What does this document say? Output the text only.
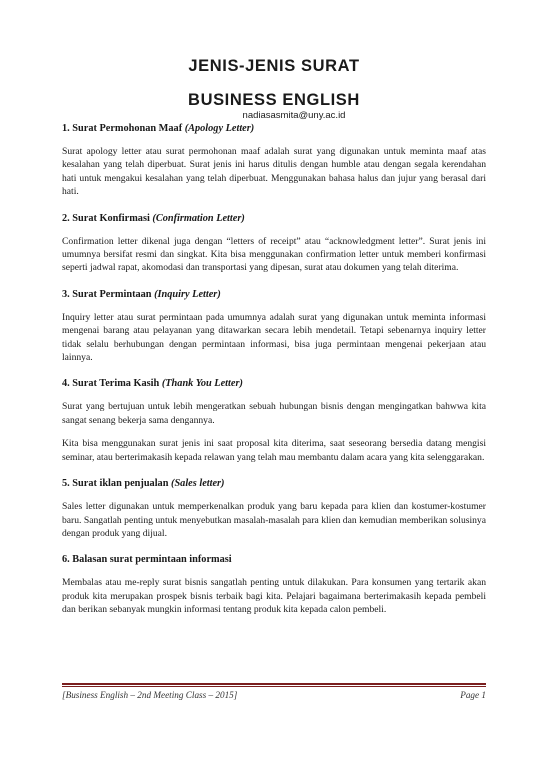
JENIS-JENIS SURAT

BUSINESS ENGLISH

nadiasasmita@uny.ac.id

1. Surat Permohonan Maaf (Apology Letter)

Surat apology letter atau surat permohonan maaf adalah surat yang digunakan untuk meminta maaf atas kesalahan yang telah diperbuat. Surat jenis ini harus ditulis dengan humble atau dengan segala kerendahan hati untuk mengakui kesalahan yang telah diperbuat. Menggunakan bahasa halus dan jujur yang berasal dari hati.

2. Surat Konfirmasi (Confirmation Letter)

Confirmation letter dikenal juga dengan “letters of receipt” atau “acknowledgment letter”. Surat jenis ini umumnya bersifat resmi dan singkat. Kita bisa menggunakan confirmation letter untuk memberi konfirmasi seperti jadwal rapat, akomodasi dan transportasi yang dipesan, surat atau dokumen yang telah diterima.

3. Surat Permintaan (Inquiry Letter)

Inquiry letter atau surat permintaan pada umumnya adalah surat yang digunakan untuk meminta informasi mengenai barang atau pelayanan yang ditawarkan secara lebih mendetail. Tetapi sebenarnya inquiry letter tidak selalu berhubungan dengan permintaan informasi, bisa juga permintaan mengenai pekerjaan atau lainnya.

4. Surat Terima Kasih (Thank You Letter)

Surat yang bertujuan untuk lebih mengeratkan sebuah hubungan bisnis dengan mengingatkan bahwwa kita sangat senang bekerja sama dengannya.

Kita bisa menggunakan surat jenis ini saat proposal kita diterima, saat seseorang bersedia datang mengisi seminar, atau berterimakasih kepada relawan yang telah mau membantu dalam acara yang kita selenggarakan.

5. Surat iklan penjualan (Sales letter)

Sales letter digunakan untuk memperkenalkan produk yang baru kepada para klien dan kostumer-kostumer baru. Sangatlah penting untuk menyebutkan masalah-masalah para klien dan kemudian memberikan solusinya dengan produk yang dijual.

6. Balasan surat permintaan informasi

Membalas atau me-reply surat bisnis sangatlah penting untuk dilakukan. Para konsumen yang tertarik akan produk kita merupakan prospek bisnis terbaik bagi kita. Pelajari bagaimana berterimakasih kepada pembeli dan berikan sebanyak mungkin informasi tentang produk kita kepada calon pembeli.

[Business English – 2nd Meeting Class – 2015]	Page 1
